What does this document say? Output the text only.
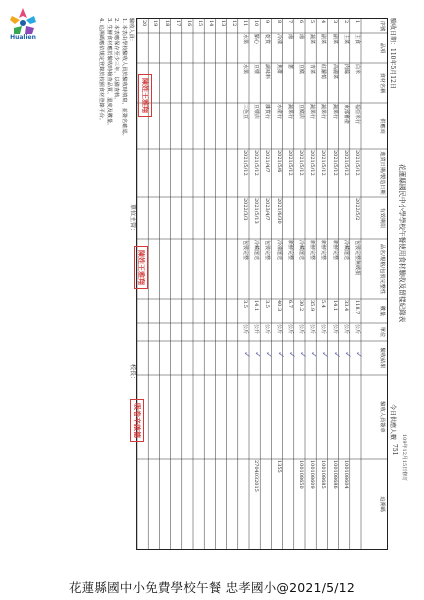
Hualien
花蓮縣國民中小學學校午餐使用食材驗收及留樣紀錄表
109年12月15日修訂
驗收日期：110年5月12日
今日供應人數
751
序號
品項
食材名稱
供應商
進貨日期/製造日期
有效期限
品名/規格/包裝完整性
數量
單位
驗收結果
驗收人員簽章
追溯碼
1
主食
白米
福亞米行
2021/5/12
2022/5/2
包裝完整無破損
118.7
公斤
✓
2
主菜
肉絲
東部畜產
2021/5/12
冷藏運送
33.4
公斤
✓
100108604
3
副菜
高麗菜
蔬果行
2021/5/12
新鮮完整
14.1
公斤
✓
100108686
4
副菜
紅蘿蔔
蔬果行
2021/5/12
新鮮完整
5.4
公斤
✓
100108685
5
蔬菜
青菜
蔬果行
2021/5/12
新鮮完整
35.9
公斤
✓
100108609
6
湯
豆腐
豆腐店
2021/5/12
冷藏運送
30.2
公斤
✓
100108650
7
湯
蔥
蔬果行
2021/5/12
新鮮完整
6.7
公斤
✓
8
冷凍
魚排
水產行
2021/5/6
2021/6/30
冷凍運送
40.3
公斤
✓
1355
9
乾貨
調味料
雜貨行
2021/4/7
2023/4/7
包裝完整
3.5
公斤
✓
10
點心
豆漿
豆漿店
2021/5/12
2021/5/13
冷藏運送
14.1
公升
✓
2704032015
11
水果
水果
三色豆
2021/5/12
2022/3/3
包裝完整
3.5
公斤
✓
12
13
14
15
16
17
18
19
20
驗收人員：
1. 本表由學校驗收人員於驗收時填寫，並簽名確認。
2. 本表應保存至少三年，以備查核。
3. 生鮮食材應於驗收時檢查品質、溫度及數量。
4. 追溯碼應依規定登錄於校園食材登錄平台。
單位主管：
校長：
陳姓王雅翔
陳姓王雅翔
吸卷辛啟德
花蓮縣國中小免費學校午餐 忠孝國小@2021/5/12
